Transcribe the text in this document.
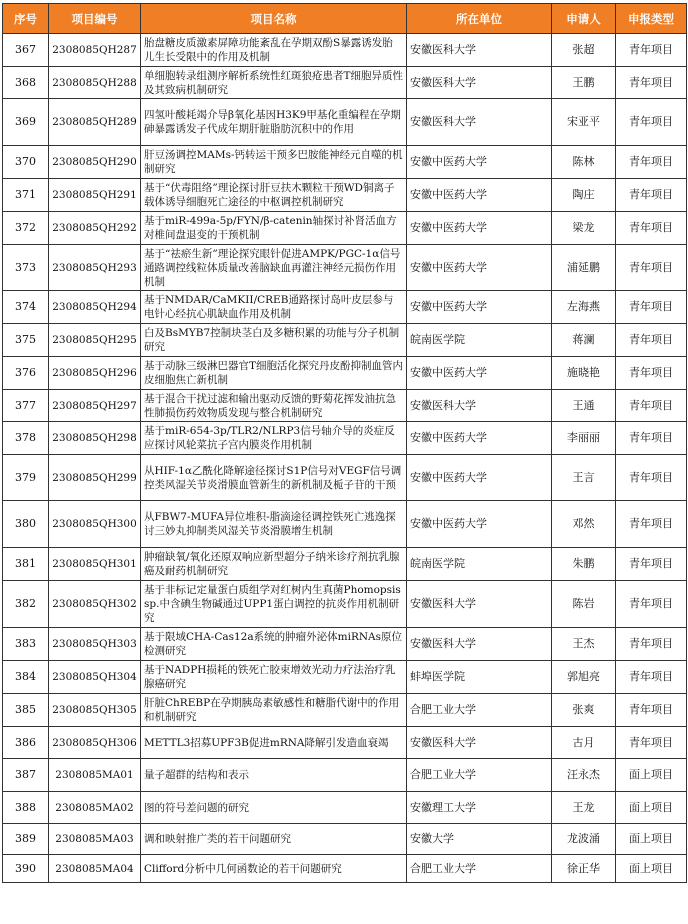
序号	项目编号	项目名称	所在单位	申请人	申报类型
367	2308085QH287	胎盘糖皮质激素屏障功能紊乱在孕期双酚S暴露诱发胎儿生长受限中的作用及机制	安徽医科大学	张超	青年项目
368	2308085QH288	单细胞转录组测序解析系统性红斑狼疮患者T细胞异质性及其致病机制研究	安徽医科大学	王鹏	青年项目
369	2308085QH289	四氢叶酸耗竭介导β氧化基因H3K9甲基化重编程在孕期砷暴露诱发子代成年期肝脏脂肪沉积中的作用	安徽医科大学	宋亚平	青年项目
370	2308085QH290	肝豆汤调控MAMs-钙转运干预多巴胺能神经元自噬的机制研究	安徽中医药大学	陈林	青年项目
371	2308085QH291	基于“伏毒阻络”理论探讨肝豆扶木颗粒干预WD铜离子载体诱导细胞死亡途径的中枢调控机制研究	安徽中医药大学	陶庄	青年项目
372	2308085QH292	基于miR-499a-5p/FYN/β-catenin轴探讨补肾活血方对椎间盘退变的干预机制	安徽中医药大学	梁龙	青年项目
373	2308085QH293	基于“祛瘀生新”理论探究眼针促进AMPK/PGC-1α信号通路调控线粒体质量改善脑缺血再灌注神经元损伤作用机制	安徽中医药大学	浦延鹏	青年项目
374	2308085QH294	基于NMDAR/CaMKII/CREB通路探讨岛叶皮层参与电针心经抗心肌缺血作用及机制	安徽中医药大学	左海燕	青年项目
375	2308085QH295	白及BsMYB7控制块茎白及多糖积累的功能与分子机制研究	皖南医学院	蒋澜	青年项目
376	2308085QH296	基于动脉三级淋巴器官T细胞活化探究丹皮酚抑制血管内皮细胞焦亡新机制	安徽中医药大学	施晓艳	青年项目
377	2308085QH297	基于混合干扰过滤和输出驱动反馈的野菊花挥发油抗急性肺损伤药效物质发现与整合机制研究	安徽医科大学	王通	青年项目
378	2308085QH298	基于miR-654-3p/TLR2/NLRP3信号轴介导的炎症反应探讨风轮菜抗子宫内膜炎作用机制	安徽中医药大学	李丽丽	青年项目
379	2308085QH299	从HIF-1α乙酰化降解途径探讨S1P信号对VEGF信号调控类风湿关节炎滑膜血管新生的新机制及栀子苷的干预	安徽中医药大学	王言	青年项目
380	2308085QH300	从FBW7-MUFA异位堆积-脂滴途径调控铁死亡逃逸探讨三妙丸抑制类风湿关节炎滑膜增生机制	安徽中医药大学	邓然	青年项目
381	2308085QH301	肿瘤缺氧/氧化还原双响应新型超分子纳米诊疗剂抗乳腺癌及耐药机制研究	皖南医学院	朱鹏	青年项目
382	2308085QH302	基于非标记定量蛋白质组学对红树内生真菌Phomopsis sp.中含碘生物碱通过UPP1蛋白调控的抗炎作用机制研究	安徽医科大学	陈岩	青年项目
383	2308085QH303	基于限域CHA-Cas12a系统的肿瘤外泌体miRNAs原位检测研究	安徽医科大学	王杰	青年项目
384	2308085QH304	基于NADPH损耗的铁死亡胶束增效光动力疗法治疗乳腺癌研究	蚌埠医学院	郭旭亮	青年项目
385	2308085QH305	肝脏ChREBP在孕期胰岛素敏感性和糖脂代谢中的作用和机制研究	合肥工业大学	张爽	青年项目
386	2308085QH306	METTL3招募UPF3B促进mRNA降解引发造血衰竭	安徽医科大学	古月	青年项目
387	2308085MA01	量子超群的结构和表示	合肥工业大学	汪永杰	面上项目
388	2308085MA02	图的符号差问题的研究	安徽理工大学	王龙	面上项目
389	2308085MA03	调和映射推广类的若干问题研究	安徽大学	龙波涌	面上项目
390	2308085MA04	Clifford分析中几何函数论的若干问题研究	合肥工业大学	徐正华	面上项目
